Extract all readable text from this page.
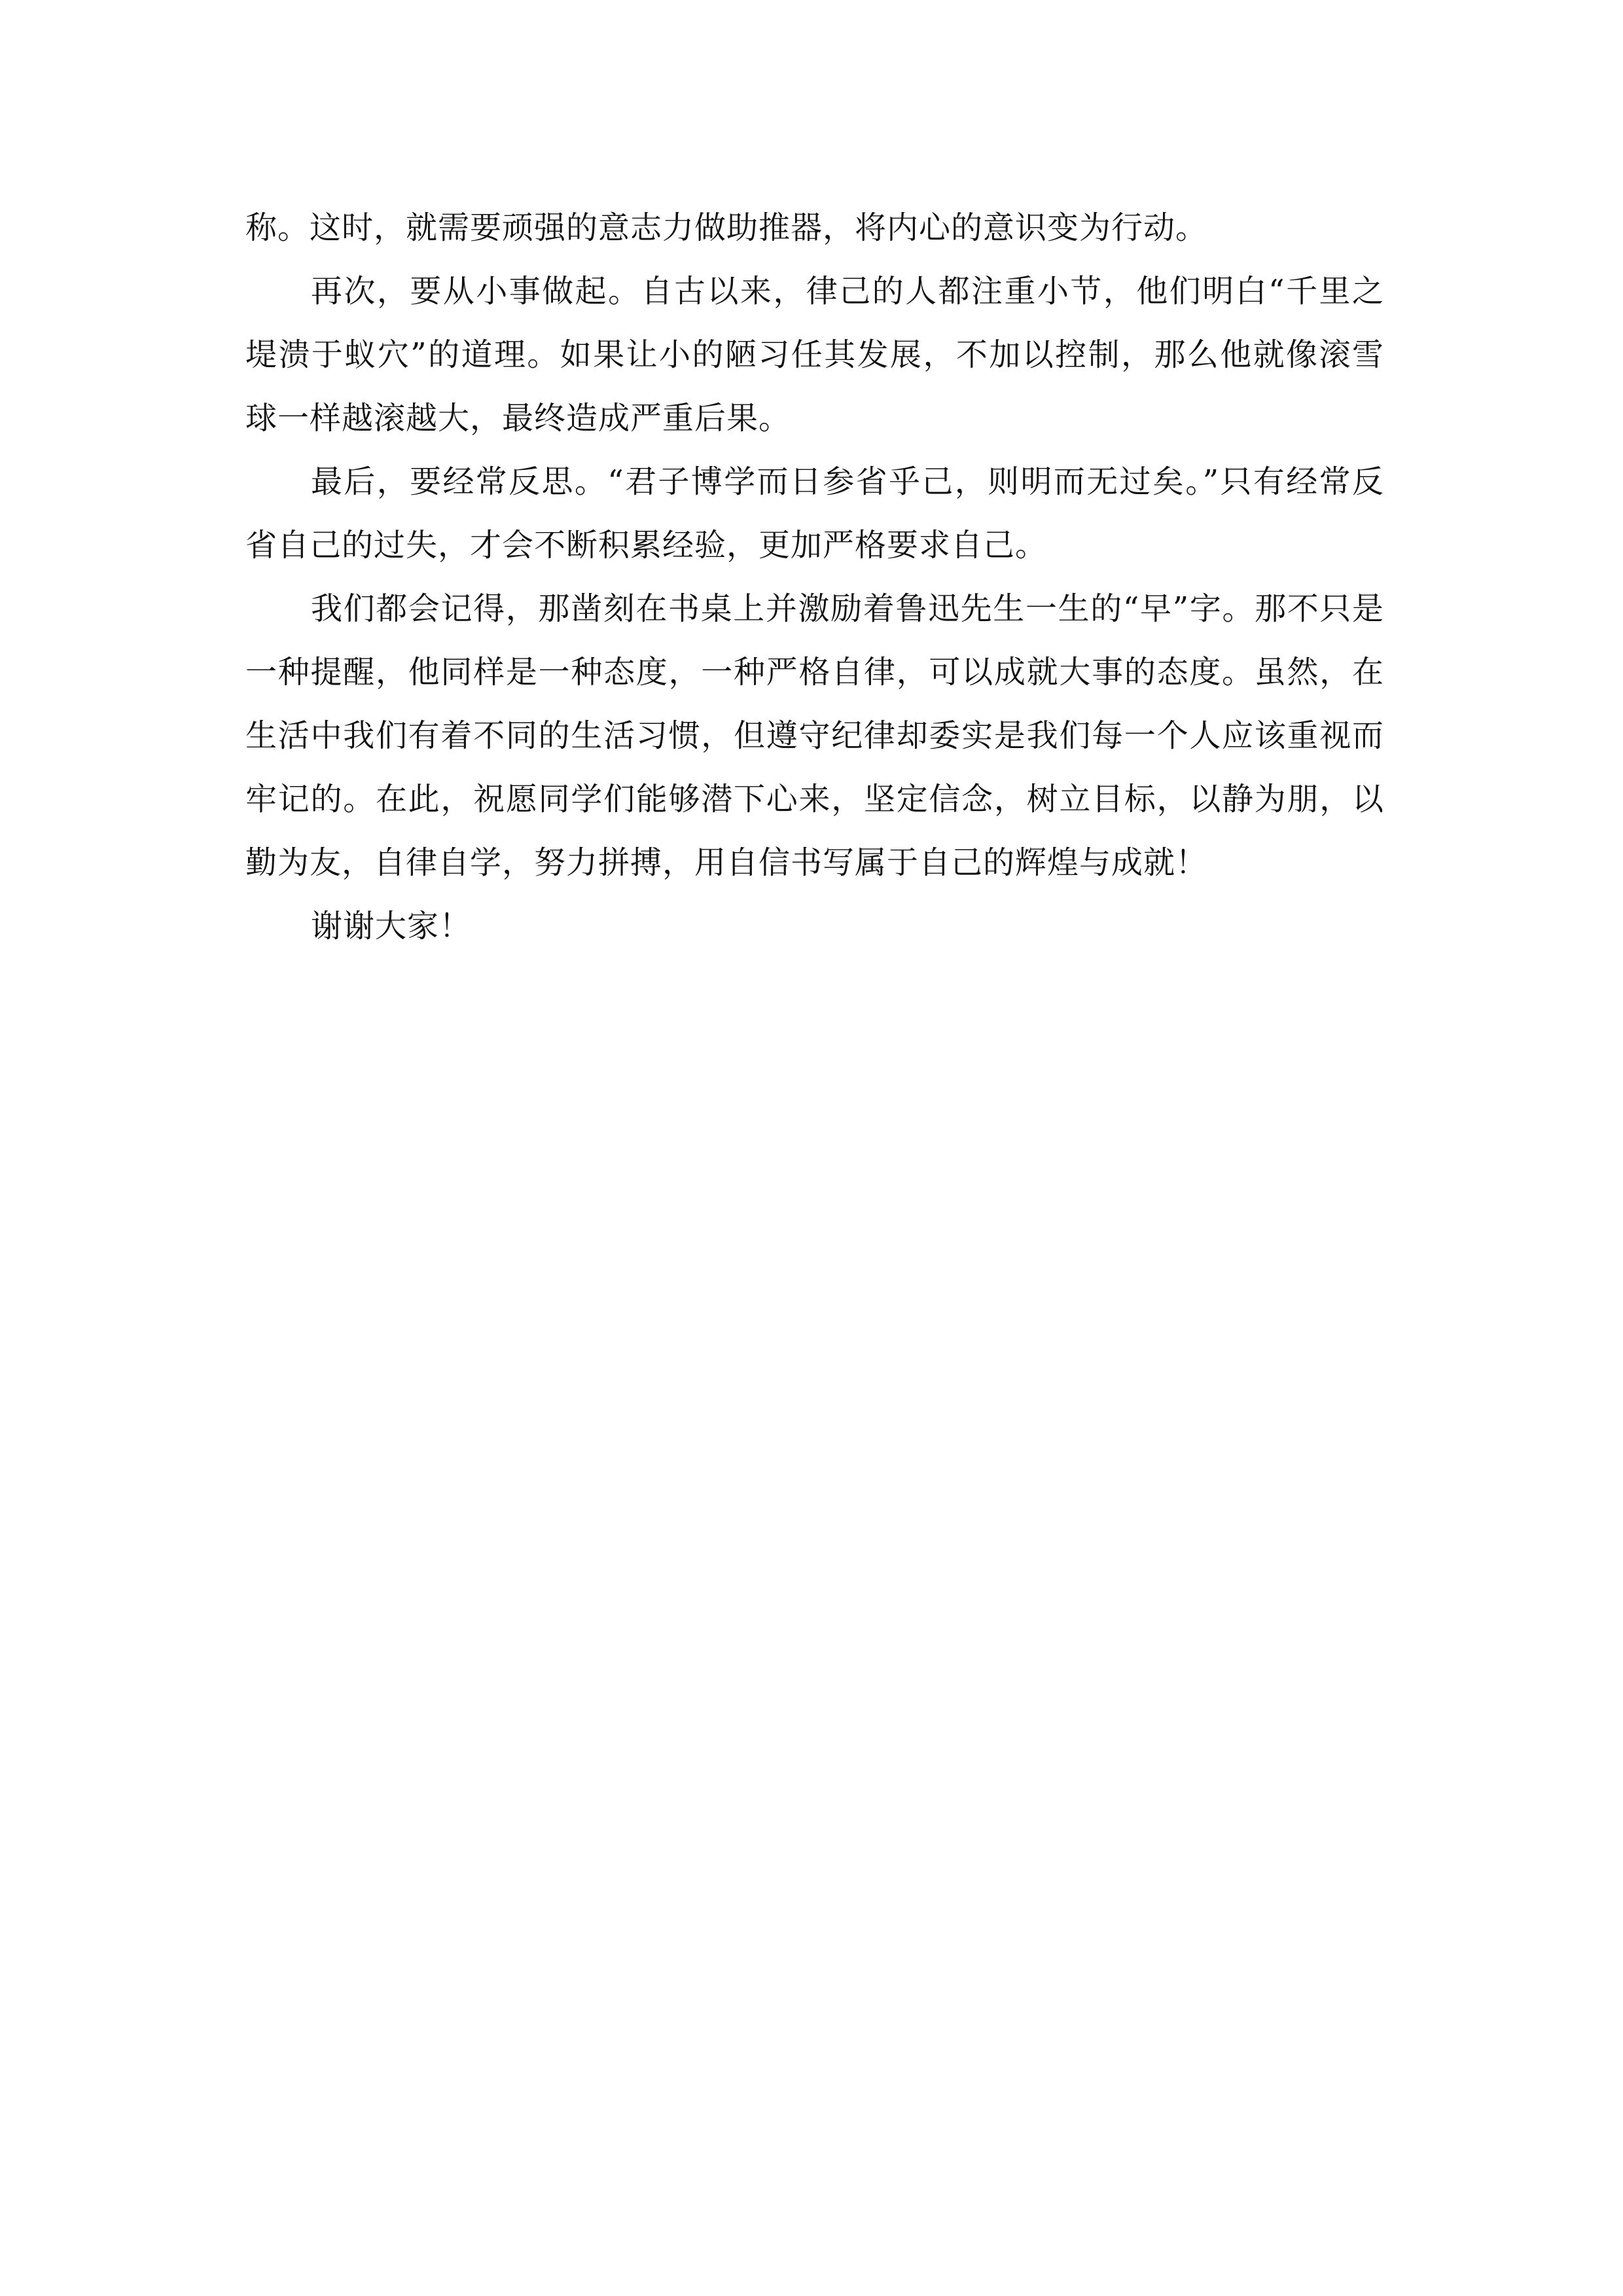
称。这时，就需要顽强的意志力做助推器，将内心的意识变为行动。

再次，要从小事做起。自古以来，律己的人都注重小节，他们明白“千里之堤溃于蚁穴”的道理。如果让小的陋习任其发展，不加以控制，那么他就像滚雪球一样越滚越大，最终造成严重后果。

最后，要经常反思。“君子博学而日参省乎己，则明而无过矣。”只有经常反省自己的过失，才会不断积累经验，更加严格要求自己。

我们都会记得，那凿刻在书桌上并激励着鲁迅先生一生的“早”字。那不只是一种提醒，他同样是一种态度，一种严格自律，可以成就大事的态度。虽然，在生活中我们有着不同的生活习惯，但遵守纪律却委实是我们每一个人应该重视而牢记的。在此，祝愿同学们能够潜下心来，坚定信念，树立目标，以静为朋，以勤为友，自律自学，努力拼搏，用自信书写属于自己的辉煌与成就！

谢谢大家！
